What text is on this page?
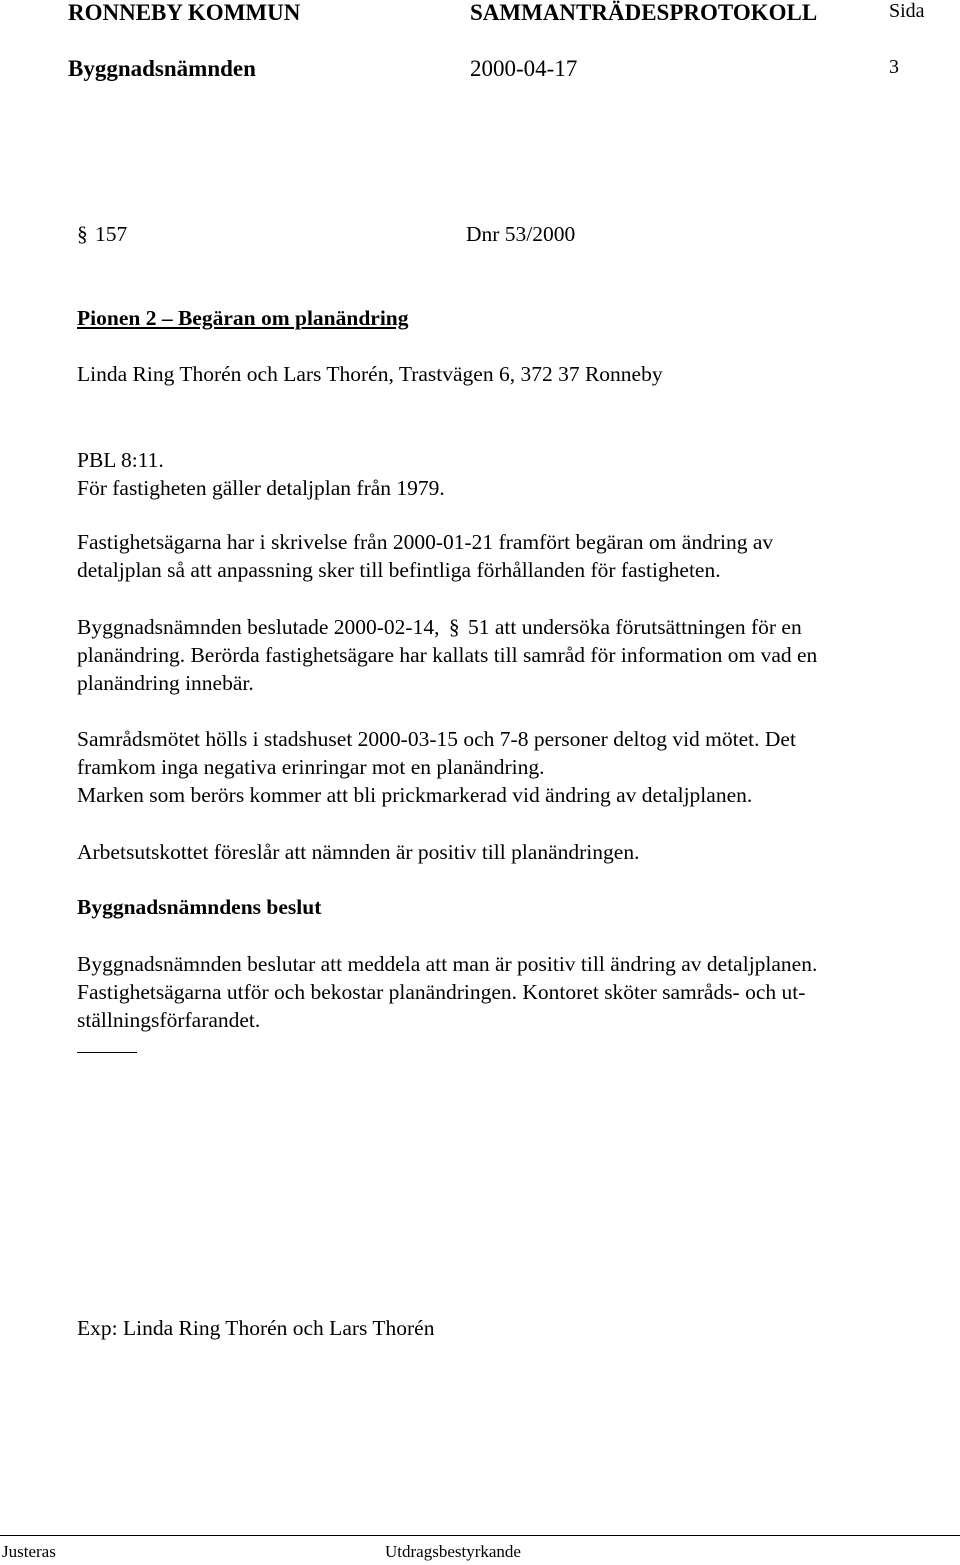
RONNEBY KOMMUN	SAMMANTRÄDESPROTOKOLL	Sida
Byggnadsnämnden	2000-04-17	3
§ 157	Dnr 53/2000
Pionen 2 – Begäran om planändring
Linda Ring Thorén och Lars Thorén, Trastvägen 6, 372 37 Ronneby
PBL 8:11.
För fastigheten gäller detaljplan från 1979.
Fastighetsägarna har i skrivelse från 2000-01-21 framfört begäran om ändring av
detaljplan så att anpassning sker till befintliga förhållanden för fastigheten.
Byggnadsnämnden beslutade 2000-02-14, § 51 att undersöka förutsättningen för en
planändring. Berörda fastighetsägare har kallats till samråd för information om vad en
planändring innebär.
Samrådsmötet hölls i stadshuset 2000-03-15 och 7-8 personer deltog vid mötet. Det
framkom inga negativa erinringar mot en planändring.
Marken som berörs kommer att bli prickmarkerad vid ändring av detaljplanen.
Arbetsutskottet föreslår att nämnden är positiv till planändringen.
Byggnadsnämndens beslut
Byggnadsnämnden beslutar att meddela att man är positiv till ändring av detaljplanen.
Fastighetsägarna utför och bekostar planändringen. Kontoret sköter samråds- och ut-
ställningsförfarandet.
Exp: Linda Ring Thorén och Lars Thorén
Justeras	Utdragsbestyrkande
